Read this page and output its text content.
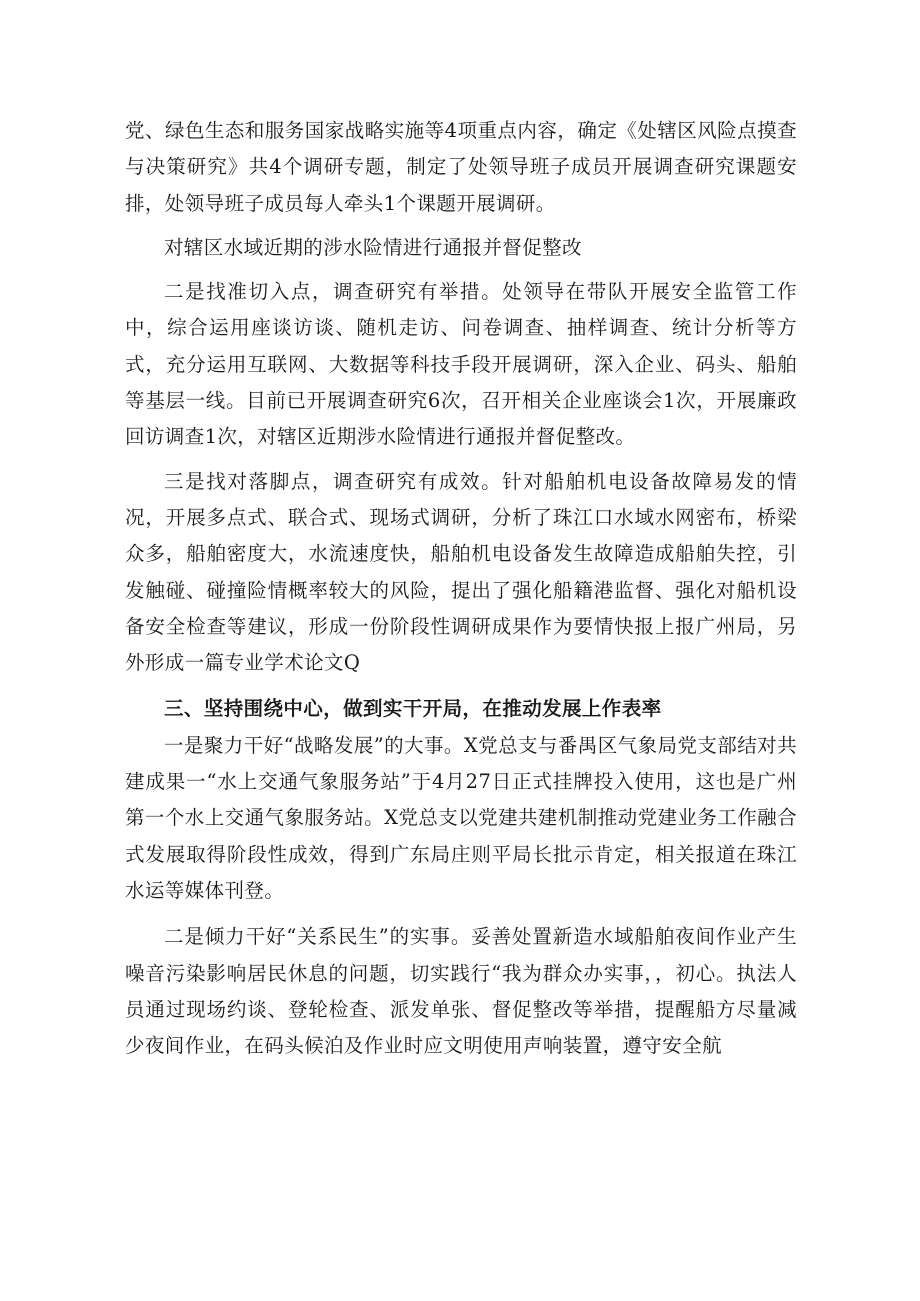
党、绿色生态和服务国家战略实施等4项重点内容，确定《处辖区风险点摸查与决策研究》共4个调研专题，制定了处领导班子成员开展调查研究课题安排，处领导班子成员每人牵头1个课题开展调研。

对辖区水域近期的涉水险情进行通报并督促整改

二是找准切入点，调查研究有举措。处领导在带队开展安全监管工作中，综合运用座谈访谈、随机走访、问卷调查、抽样调查、统计分析等方式，充分运用互联网、大数据等科技手段开展调研，深入企业、码头、船舶等基层一线。目前已开展调查研究6次，召开相关企业座谈会1次，开展廉政回访调查1次，对辖区近期涉水险情进行通报并督促整改。

三是找对落脚点，调查研究有成效。针对船舶机电设备故障易发的情况，开展多点式、联合式、现场式调研，分析了珠江口水域水网密布，桥梁众多，船舶密度大，水流速度快，船舶机电设备发生故障造成船舶失控，引发触碰、碰撞险情概率较大的风险，提出了强化船籍港监督、强化对船机设备安全检查等建议，形成一份阶段性调研成果作为要情快报上报广州局，另外形成一篇专业学术论文Q

三、坚持围绕中心，做到实干开局，在推动发展上作表率

一是聚力干好“战略发展”的大事。X党总支与番禺区气象局党支部结对共建成果一“水上交通气象服务站”于4月27日正式挂牌投入使用，这也是广州第一个水上交通气象服务站。X党总支以党建共建机制推动党建业务工作融合式发展取得阶段性成效，得到广东局庄则平局长批示肯定，相关报道在珠江水运等媒体刊登。

二是倾力干好“关系民生”的实事。妥善处置新造水域船舶夜间作业产生噪音污染影响居民休息的问题，切实践行“我为群众办实事，，初心。执法人员通过现场约谈、登轮检查、派发单张、督促整改等举措，提醒船方尽量减少夜间作业，在码头候泊及作业时应文明使用声响装置，遵守安全航
